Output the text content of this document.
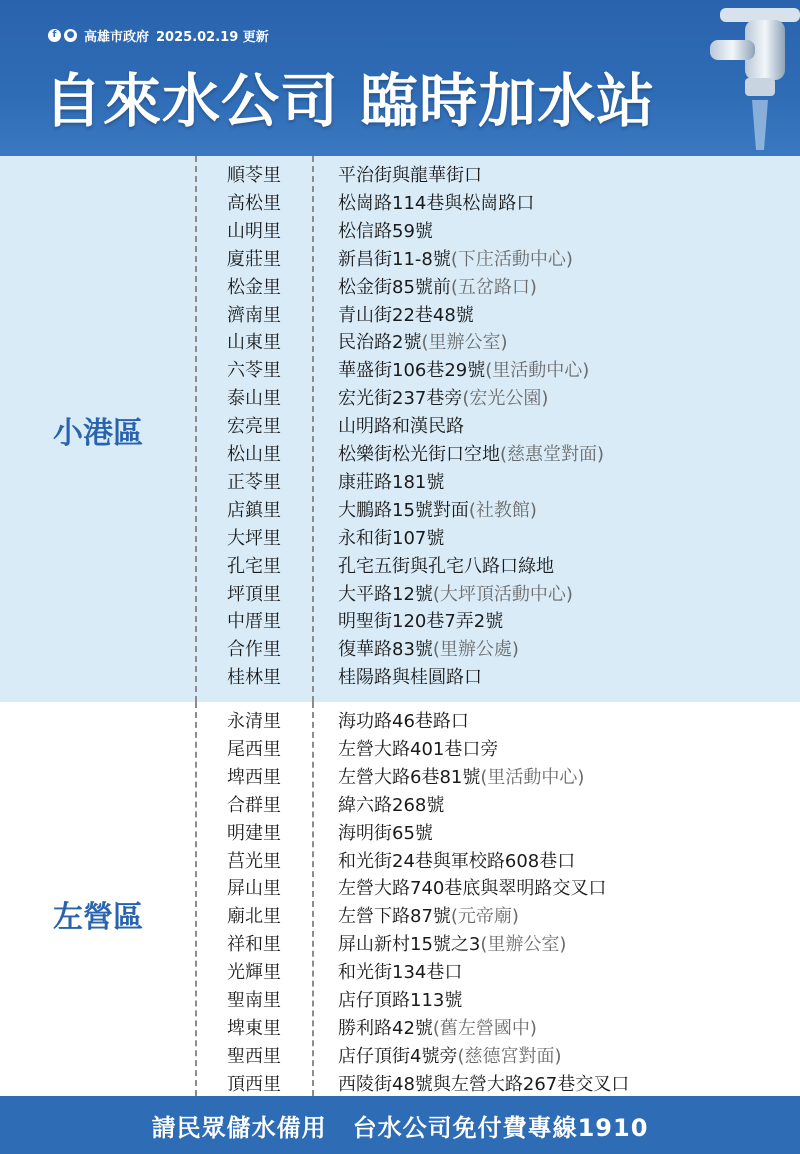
f	● 高雄市政府 2025.02.19 更新
自來水公司 臨時加水站
小港區
順苓里	平治街與龍華街口
高松里	松崗路114巷與松崗路口
山明里	松信路59號
廈莊里	新昌街11-8號(下庄活動中心)
松金里	松金街85號前(五岔路口)
濟南里	青山街22巷48號
山東里	民治路2號(里辦公室)
六苓里	華盛街106巷29號(里活動中心)
泰山里	宏光街237巷旁(宏光公園)
宏亮里	山明路和漢民路
松山里	松樂街松光街口空地(慈惠堂對面)
正苓里	康莊路181號
店鎮里	大鵬路15號對面(社教館)
大坪里	永和街107號
孔宅里	孔宅五街與孔宅八路口綠地
坪頂里	大平路12號(大坪頂活動中心)
中厝里	明聖街120巷7弄2號
合作里	復華路83號(里辦公處)
桂林里	桂陽路與桂圓路口
左營區
永清里	海功路46巷路口
尾西里	左營大路401巷口旁
埤西里	左營大路6巷81號(里活動中心)
合群里	緯六路268號
明建里	海明街65號
莒光里	和光街24巷與軍校路608巷口
屏山里	左營大路740巷底與翠明路交叉口
廟北里	左營下路87號(元帝廟)
祥和里	屏山新村15號之3(里辦公室)
光輝里	和光街134巷口
聖南里	店仔頂路113號
埤東里	勝利路42號(舊左營國中)
聖西里	店仔頂街4號旁(慈德宮對面)
頂西里	西陵街48號與左營大路267巷交叉口
請民眾儲水備用 台水公司免付費專線1910
